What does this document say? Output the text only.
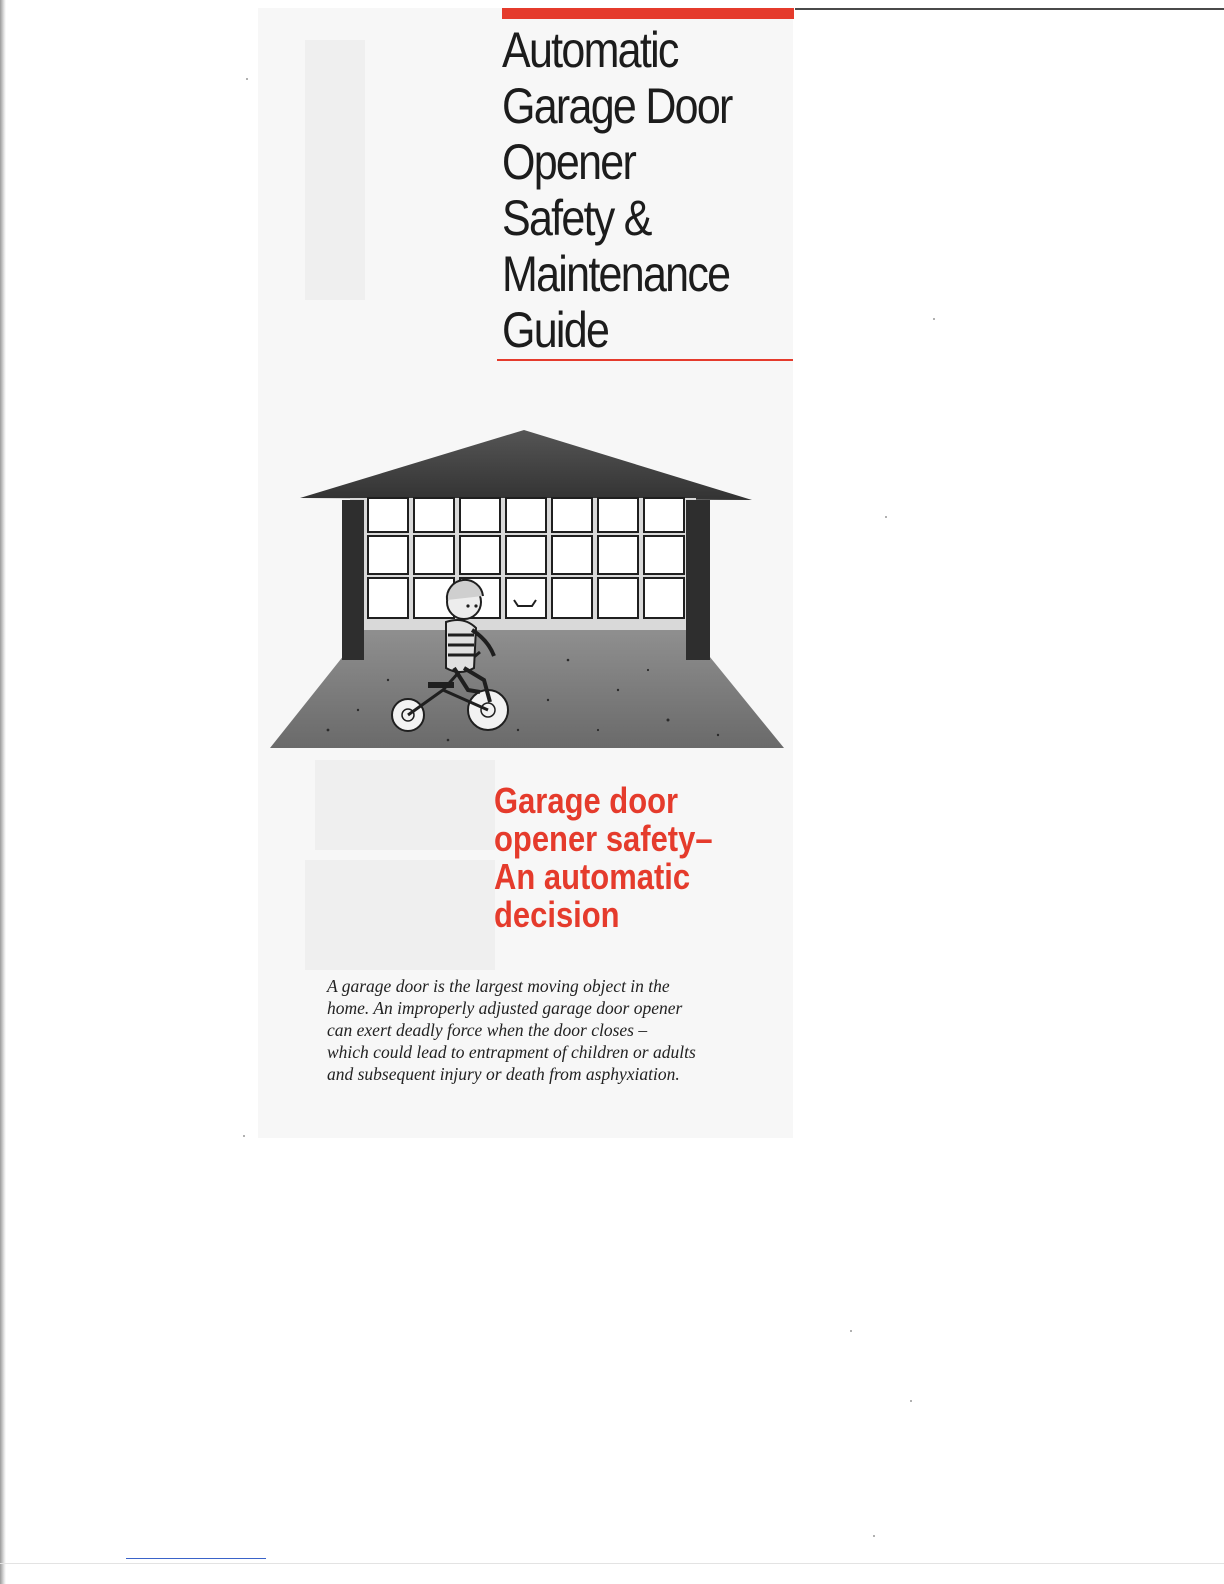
Automatic
Garage Door
Opener
Safety &
Maintenance
Guide
Garage door
opener safety–
An automatic
decision

A garage door is the largest moving object in the
home. An improperly adjusted garage door opener
can exert deadly force when the door closes –
which could lead to entrapment of children or adults
and subsequent injury or death from asphyxiation.
